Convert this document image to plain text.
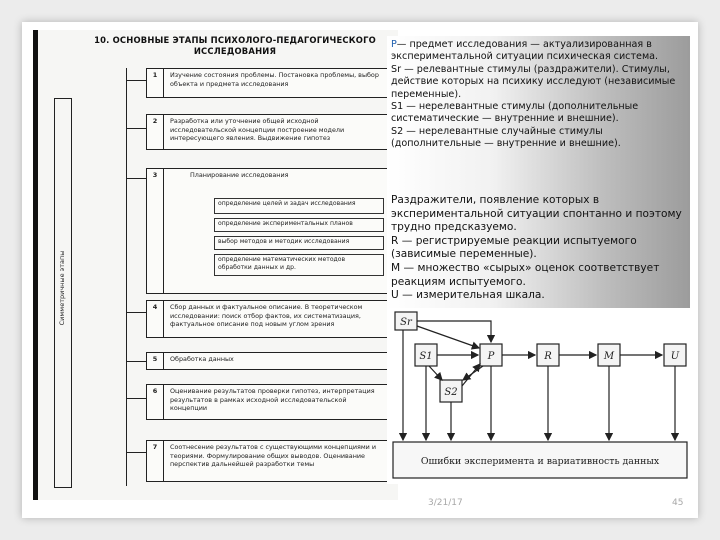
10. ОСНОВНЫЕ ЭТАПЫ ПСИХОЛОГО-ПЕДАГОГИЧЕСКОГО ИССЛЕДОВАНИЯ
Симметричные этапы
1	Изучение состояния проблемы. Постановка проблемы, выбор объекта и предмета исследования
2	Разработка или уточнение общей исходной исследовательской концепции построение модели интересующего явления. Выдвижение гипотез
3	Планирование исследования
определение целей и задач исследования
определение экспериментальных планов
выбор методов и методик исследования
определение математических методов обработки данных и др.
4	Сбор данных и фактуальное описание. В теоретическом исследовании: поиск отбор фактов, их систематизация, фактуальное описание под новым углом зрения
5	Обработка данных
6	Оценивание результатов проверки гипотез, интерпретация результатов в рамках исходной исследовательской концепции
7	Соотнесение результатов с существующими концепциями и теориями. Формулирование общих выводов. Оценивание перспектив дальнейшей разработки темы
P— предмет исследования — актуализированная в экспериментальной ситуации психическая система.
Sr — релевантные стимулы (раздражители). Стимулы, действие которых на психику исследуют (независимые переменные).
S1 — нерелевантные стимулы (дополнительные систематические — внутренние и внешние).
S2 — нерелевантные случайные стимулы (дополнительные — внутренние и внешние).
Раздражители, появление которых в экспериментальной ситуации спонтанно и поэтому трудно предсказуемо.
R — регистрируемые реакции испытуемого (зависимые переменные).
M — множество «сырых» оценок соответствует реакциям испытуемого.
U — измерительная шкала.
Sr
S1
S2
P	R	M	U
Ошибки эксперимента и вариативность данных
3/21/17	45
